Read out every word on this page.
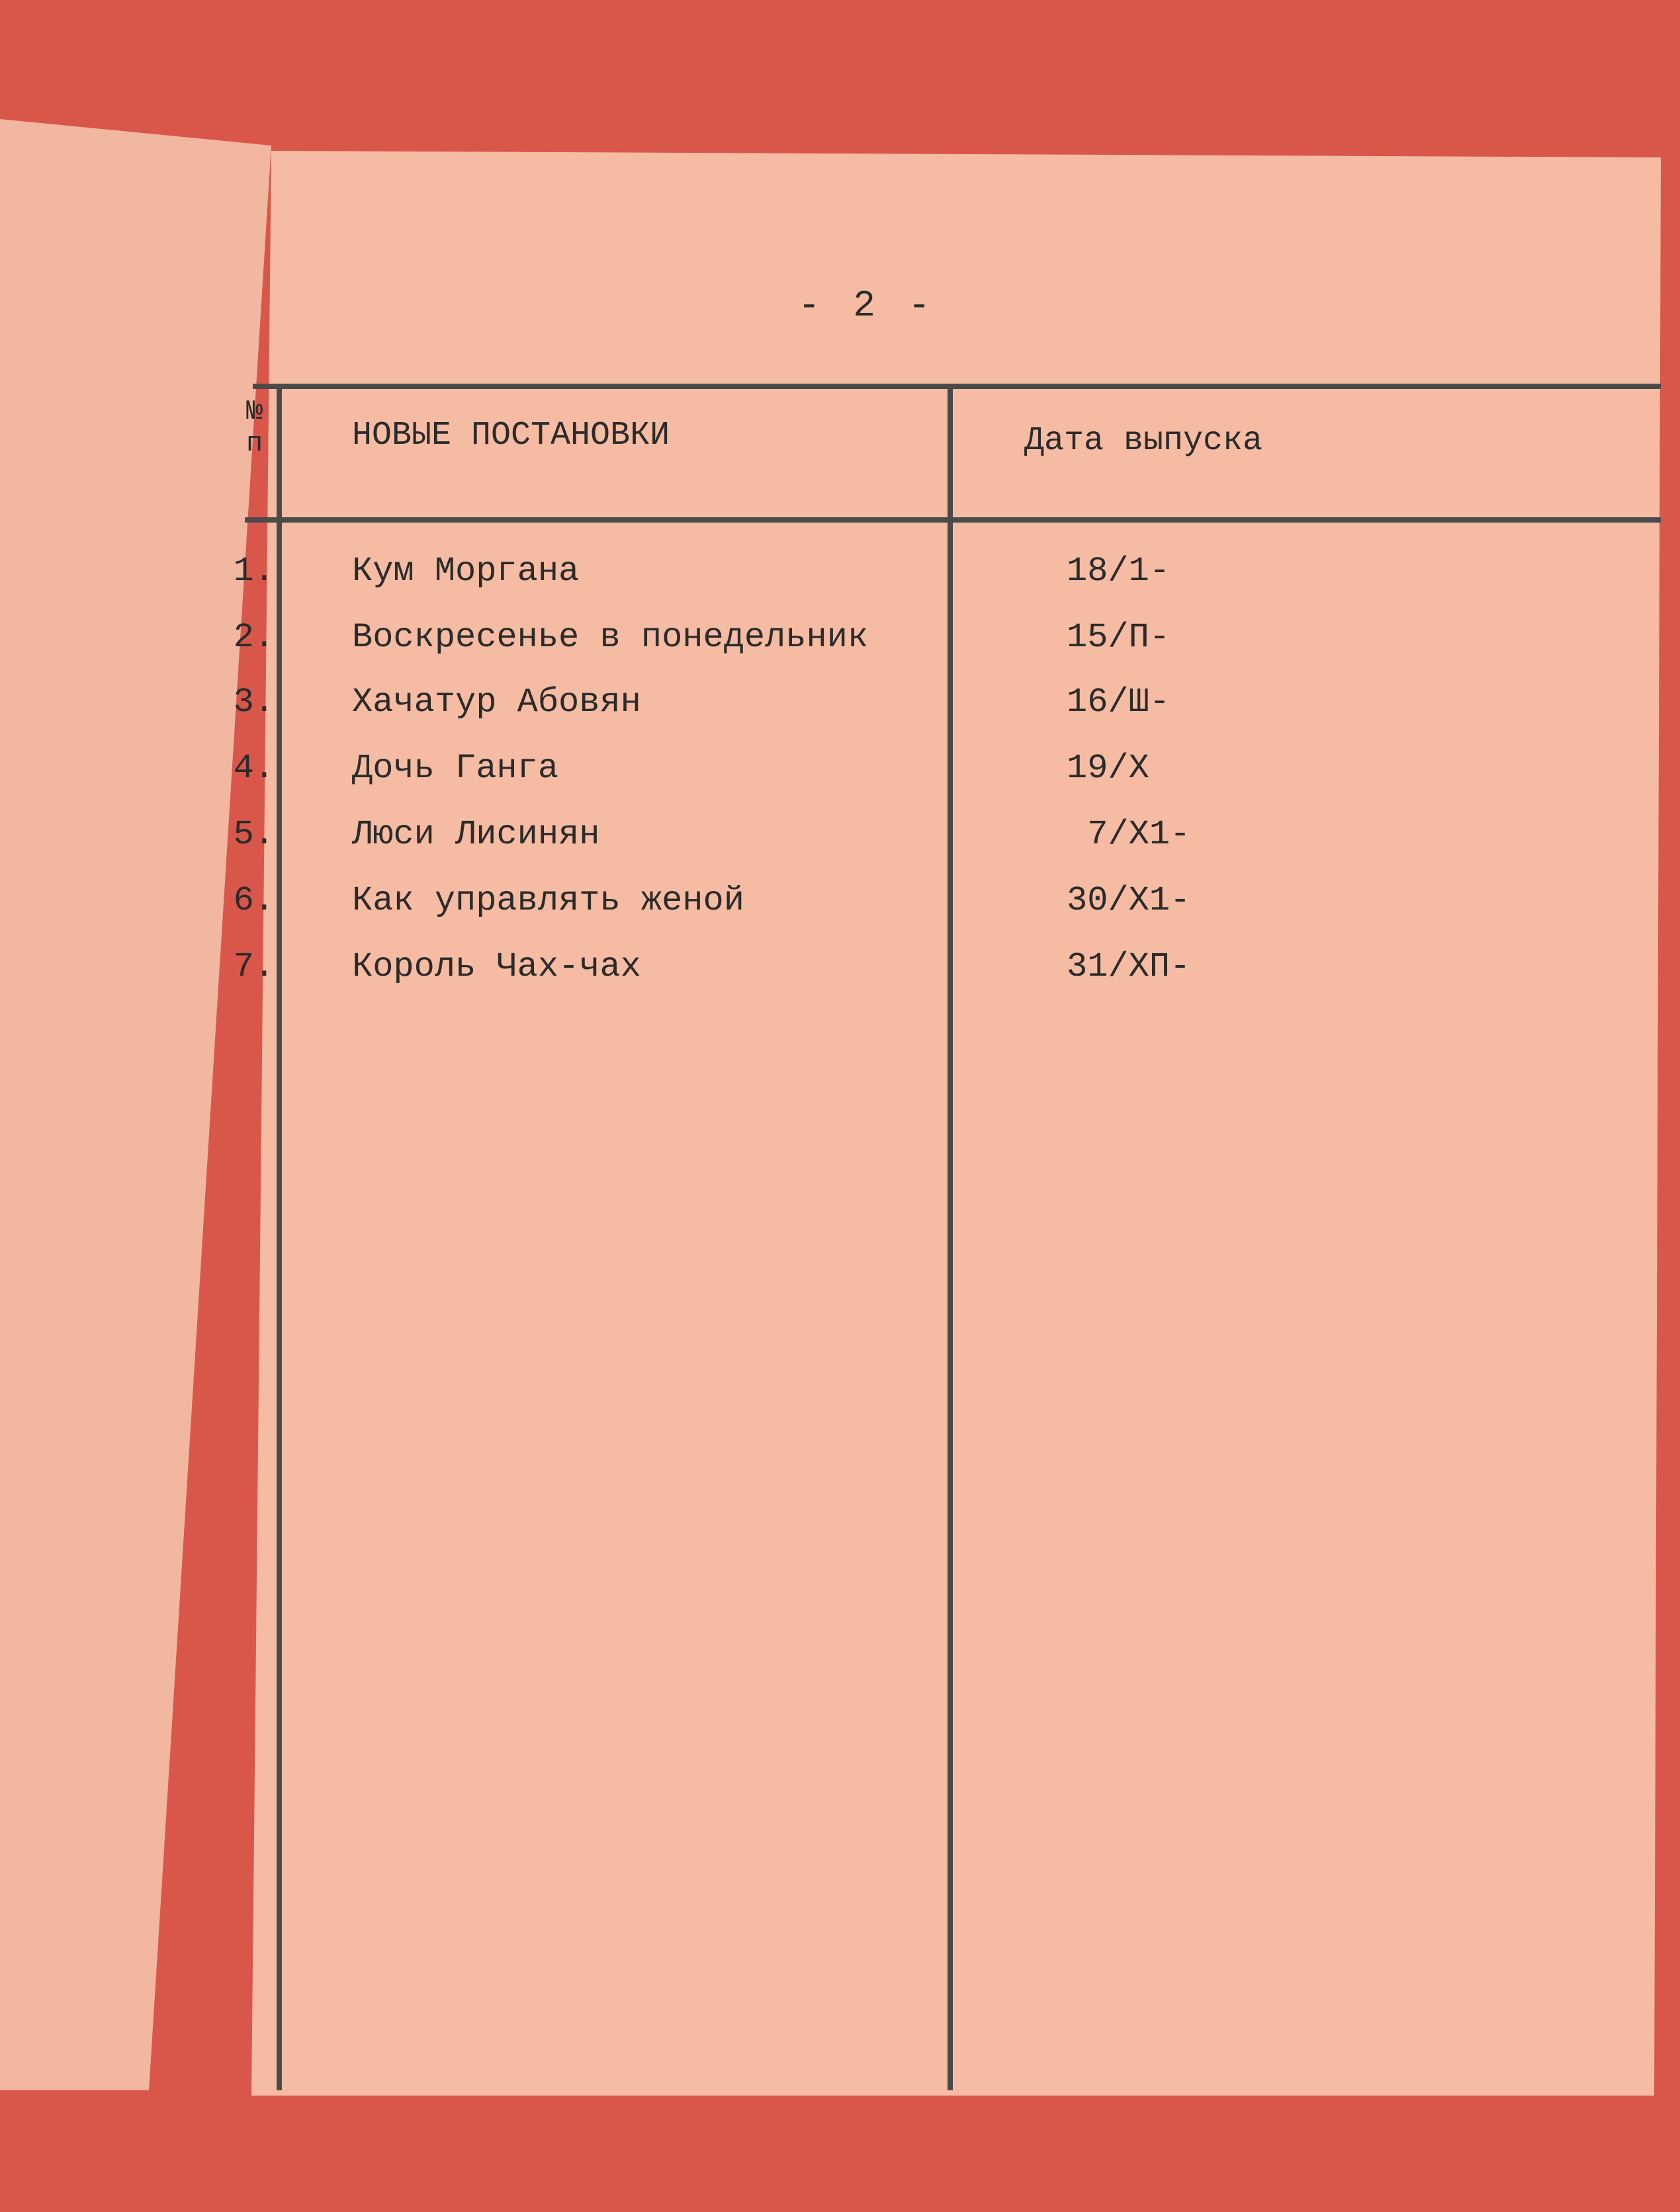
- 2 -
№ п	НОВЫЕ ПОСТАНОВКИ	Дата выпуска
1. Кум Моргана	18/1-
2. Воскресенье в понедельник	15/П-
3. Хачатур Абовян	16/Ш-
4. Дочь Ганга	19/Х
5. Люси Лисинян	7/Х1-
6. Как управлять женой	30/Х1-
7. Король Чах-чах	31/ХП-
